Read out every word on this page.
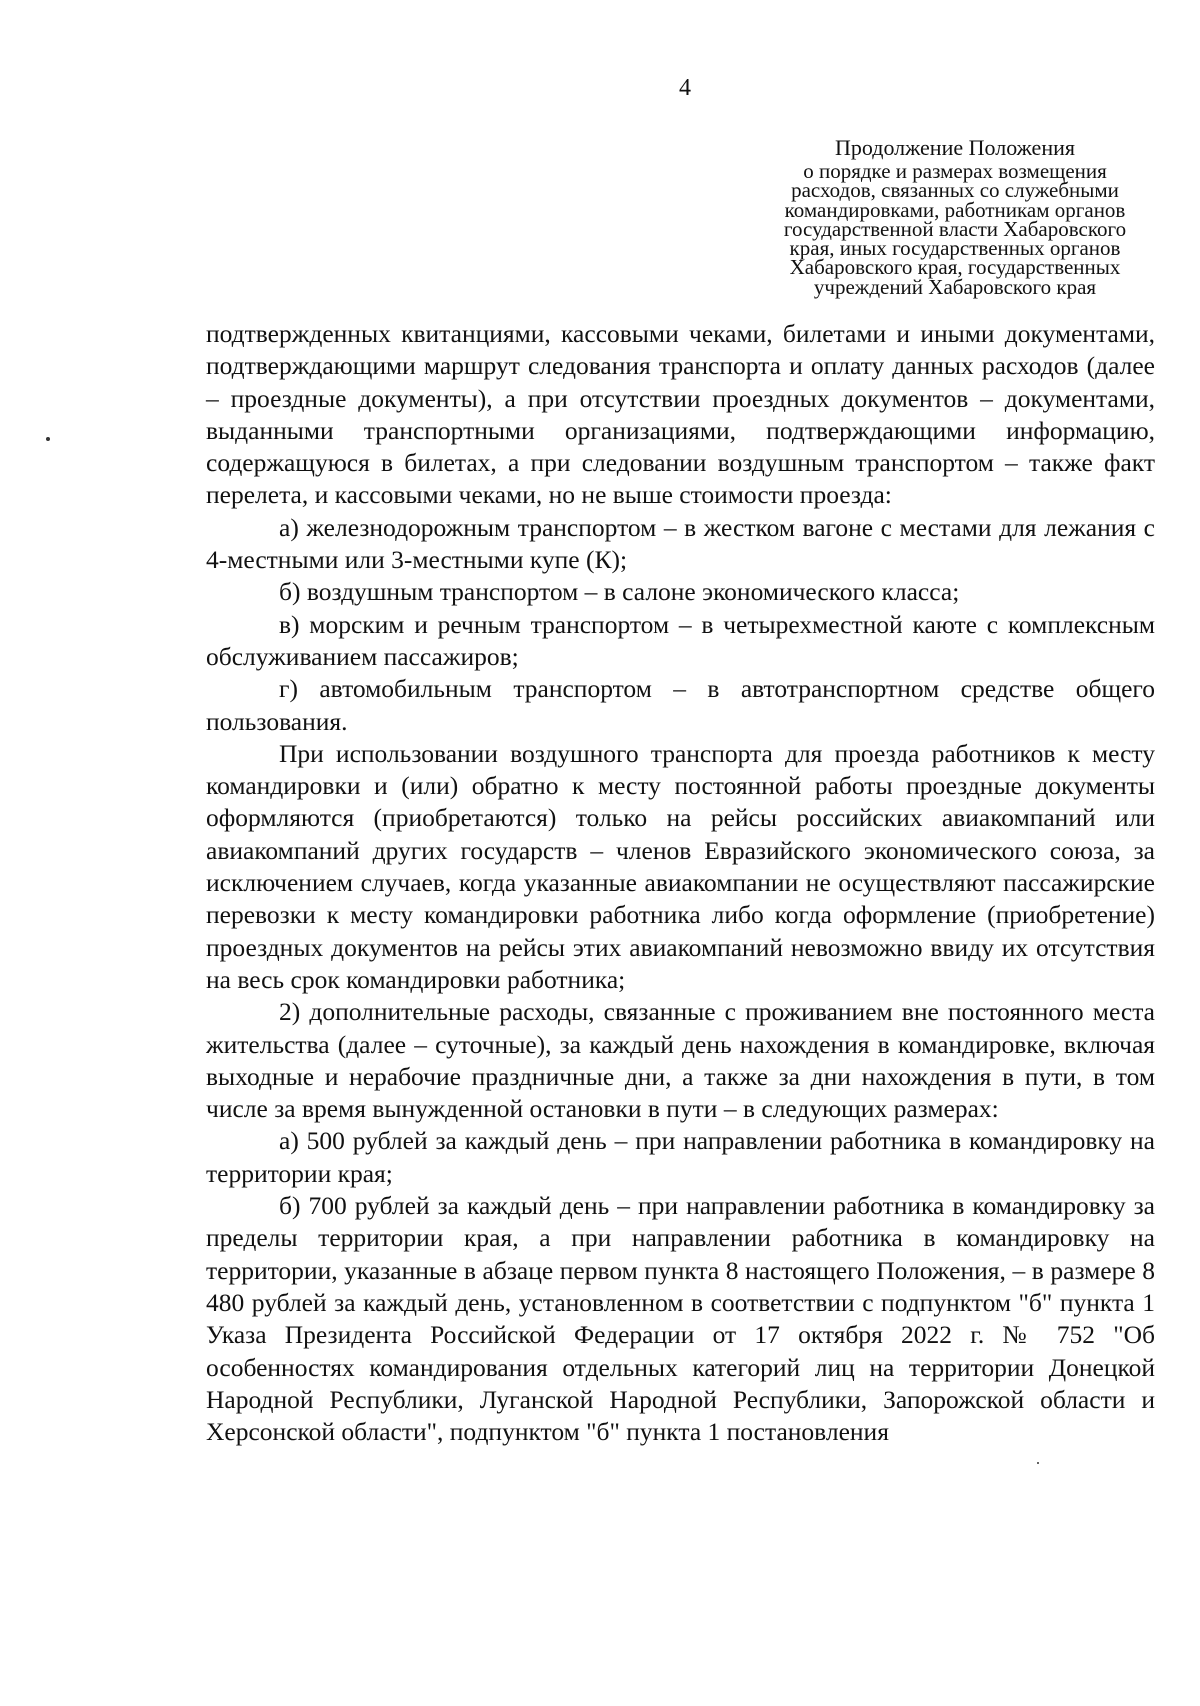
4

Продолжение Положения

о порядке и размерах возмещения

расходов, связанных со служебными

командировками, работникам органов

государственной власти Хабаровского

края, иных государственных органов

Хабаровского края, государственных

учреждений Хабаровского края

подтвержденных квитанциями, кассовыми чеками, билетами и иными документами, подтверждающими маршрут следования транспорта и оплату данных расходов (далее – проездные документы), а при отсутствии проездных документов – документами, выданными транспортными организациями, подтверждающими информацию, содержащуюся в билетах, а при следовании воздушным транспортом – также факт перелета, и кассовыми чеками, но не выше стоимости проезда:

а) железнодорожным транспортом – в жестком вагоне с местами для лежания с 4-местными или 3-местными купе (К);

б) воздушным транспортом – в салоне экономического класса;

в) морским и речным транспортом – в четырехместной каюте с комплексным обслуживанием пассажиров;

г) автомобильным транспортом – в автотранспортном средстве общего пользования.

При использовании воздушного транспорта для проезда работников к месту командировки и (или) обратно к месту постоянной работы проездные документы оформляются (приобретаются) только на рейсы российских авиакомпаний или авиакомпаний других государств – членов Евразийского экономического союза, за исключением случаев, когда указанные авиакомпании не осуществляют пассажирские перевозки к месту командировки работника либо когда оформление (приобретение) проездных документов на рейсы этих авиакомпаний невозможно ввиду их отсутствия на весь срок командировки работника;

2) дополнительные расходы, связанные с проживанием вне постоянного места жительства (далее – суточные), за каждый день нахождения в командировке, включая выходные и нерабочие праздничные дни, а также за дни нахождения в пути, в том числе за время вынужденной остановки в пути – в следующих размерах:

а) 500 рублей за каждый день – при направлении работника в командировку на территории края;

б) 700 рублей за каждый день – при направлении работника в командировку за пределы территории края, а при направлении работника в командировку на территории, указанные в абзаце первом пункта 8 настоящего Положения, – в размере 8 480 рублей за каждый день, установленном в соответствии с подпунктом "б" пункта 1 Указа Президента Российской Федерации от 17 октября 2022 г. № 752 "Об особенностях командирования отдельных категорий лиц на территории Донецкой Народной Республики, Луганской Народной Республики, Запорожской области и Херсонской области", подпунктом "б" пункта 1 постановления
